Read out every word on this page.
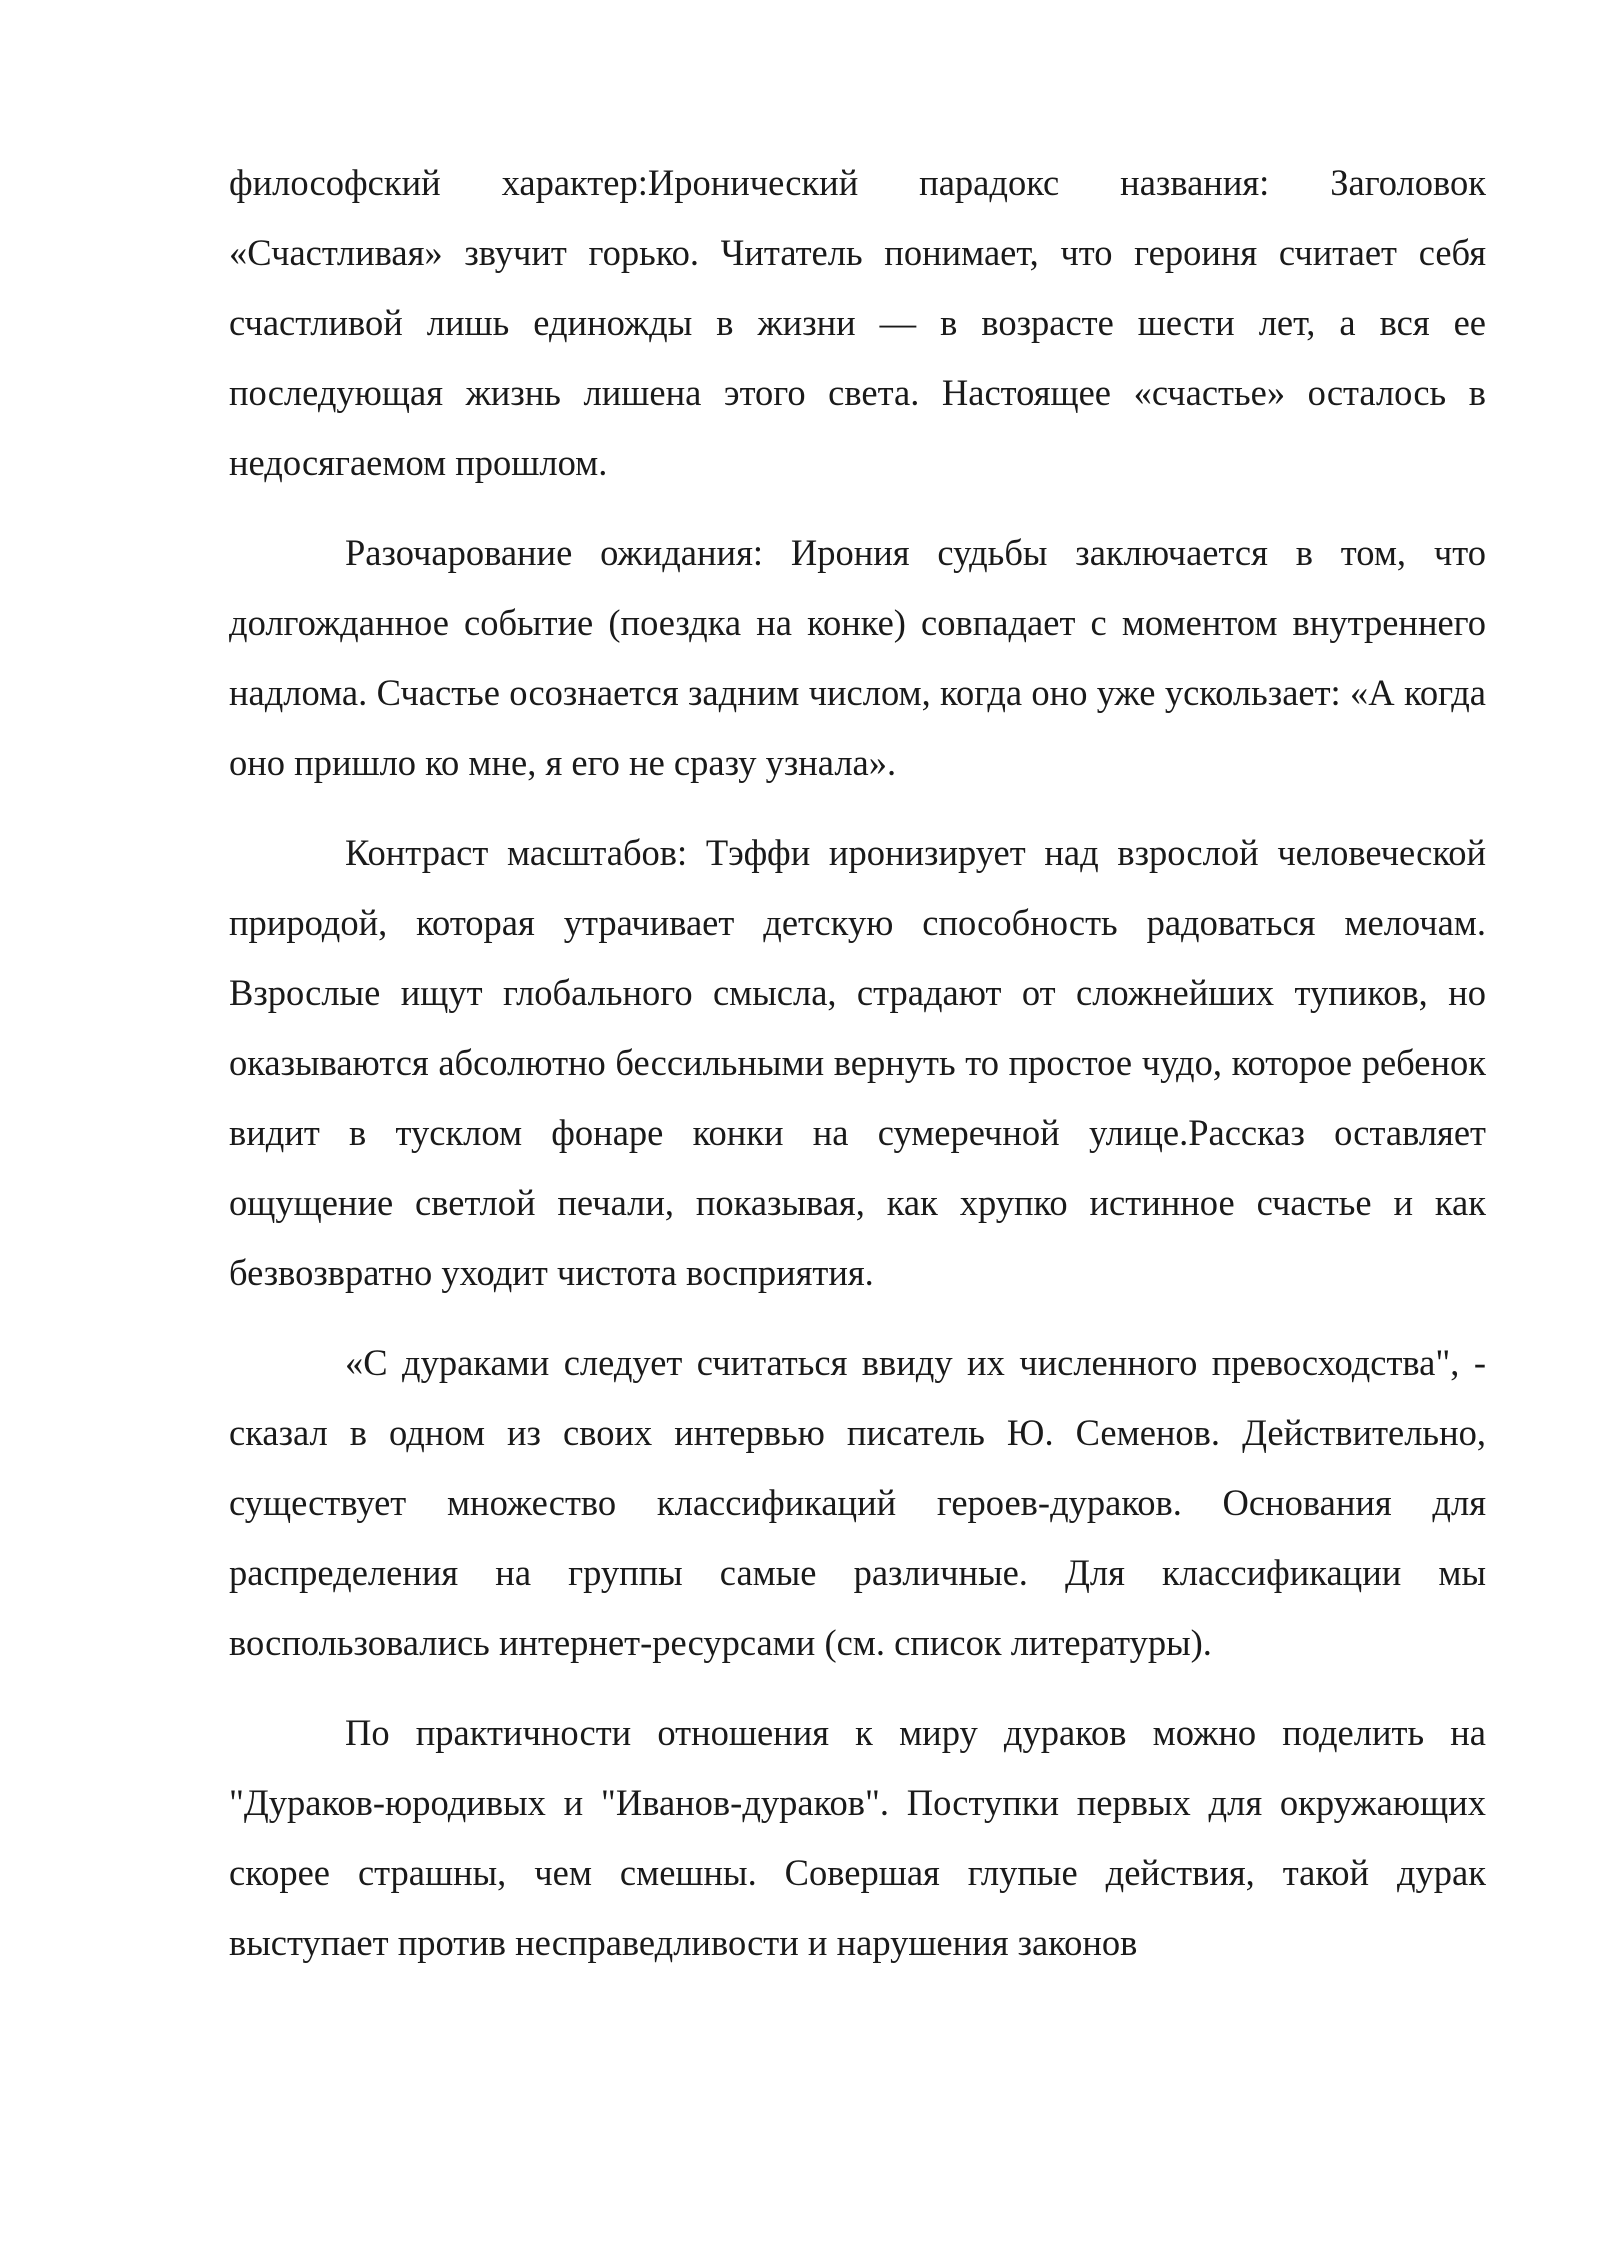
философский характер:Иронический парадокс названия: Заголовок «Счастливая» звучит горько. Читатель понимает, что героиня считает себя счастливой лишь единожды в жизни — в возрасте шести лет, а вся ее последующая жизнь лишена этого света. Настоящее «счастье» осталось в недосягаемом прошлом.

Разочарование ожидания: Ирония судьбы заключается в том, что долгожданное событие (поездка на конке) совпадает с моментом внутреннего надлома. Счастье осознается задним числом, когда оно уже ускользает: «А когда оно пришло ко мне, я его не сразу узнала».

Контраст масштабов: Тэффи иронизирует над взрослой человеческой природой, которая утрачивает детскую способность радоваться мелочам. Взрослые ищут глобального смысла, страдают от сложнейших тупиков, но оказываются абсолютно бессильными вернуть то простое чудо, которое ребенок видит в тусклом фонаре конки на сумеречной улице.Рассказ оставляет ощущение светлой печали, показывая, как хрупко истинное счастье и как безвозвратно уходит чистота восприятия.

«С дураками следует считаться ввиду их численного превосходства", - сказал в одном из своих интервью писатель Ю. Семенов. Действительно, существует множество классификаций героев-дураков. Основания для распределения на группы самые различные. Для классификации мы воспользовались интернет-ресурсами (см. список литературы).

По практичности отношения к миру дураков можно поделить на "Дураков-юродивых и "Иванов-дураков". Поступки первых для окружающих скорее страшны, чем смешны. Совершая глупые действия, такой дурак выступает против несправедливости и нарушения законов
